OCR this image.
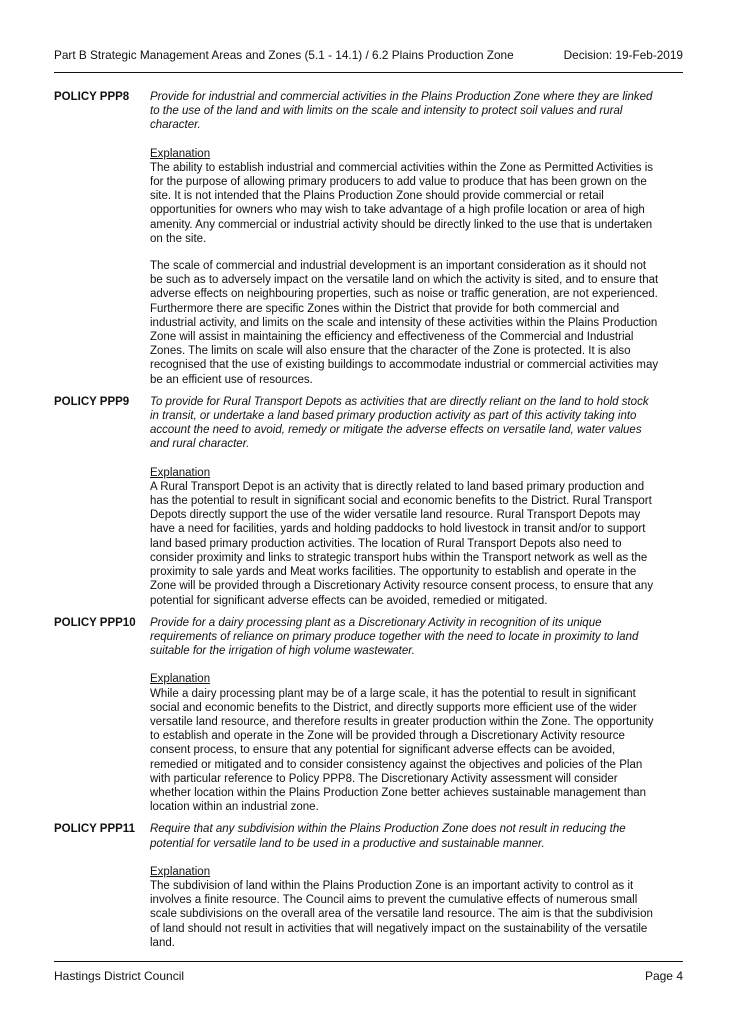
Part B Strategic Management Areas and Zones (5.1 - 14.1) / 6.2 Plains Production Zone	Decision: 19-Feb-2019
POLICY PPP8	Provide for industrial and commercial activities in the Plains Production Zone where they are linked to the use of the land and with limits on the scale and intensity to protect soil values and rural character.

Explanation

The ability to establish industrial and commercial activities within the Zone as Permitted Activities is for the purpose of allowing primary producers to add value to produce that has been grown on the site. It is not intended that the Plains Production Zone should provide commercial or retail opportunities for owners who may wish to take advantage of a high profile location or area of high amenity. Any commercial or industrial activity should be directly linked to the use that is undertaken on the site.

The scale of commercial and industrial development is an important consideration as it should not be such as to adversely impact on the versatile land on which the activity is sited, and to ensure that adverse effects on neighbouring properties, such as noise or traffic generation, are not experienced. Furthermore there are specific Zones within the District that provide for both commercial and industrial activity, and limits on the scale and intensity of these activities within the Plains Production Zone will assist in maintaining the efficiency and effectiveness of the Commercial and Industrial Zones. The limits on scale will also ensure that the character of the Zone is protected. It is also recognised that the use of existing buildings to accommodate industrial or commercial activities may be an efficient use of resources.

POLICY PPP9	To provide for Rural Transport Depots as activities that are directly reliant on the land to hold stock in transit, or undertake a land based primary production activity as part of this activity taking into account the need to avoid, remedy or mitigate the adverse effects on versatile land, water values and rural character.

Explanation

A Rural Transport Depot is an activity that is directly related to land based primary production and has the potential to result in significant social and economic benefits to the District. Rural Transport Depots directly support the use of the wider versatile land resource. Rural Transport Depots may have a need for facilities, yards and holding paddocks to hold livestock in transit and/or to support land based primary production activities. The location of Rural Transport Depots also need to consider proximity and links to strategic transport hubs within the Transport network as well as the proximity to sale yards and Meat works facilities. The opportunity to establish and operate in the Zone will be provided through a Discretionary Activity resource consent process, to ensure that any potential for significant adverse effects can be avoided, remedied or mitigated.

POLICY PPP10	Provide for a dairy processing plant as a Discretionary Activity in recognition of its unique requirements of reliance on primary produce together with the need to locate in proximity to land suitable for the irrigation of high volume wastewater.

Explanation

While a dairy processing plant may be of a large scale, it has the potential to result in significant social and economic benefits to the District, and directly supports more efficient use of the wider versatile land resource, and therefore results in greater production within the Zone. The opportunity to establish and operate in the Zone will be provided through a Discretionary Activity resource consent process, to ensure that any potential for significant adverse effects can be avoided, remedied or mitigated and to consider consistency against the objectives and policies of the Plan with particular reference to Policy PPP8. The Discretionary Activity assessment will consider whether location within the Plains Production Zone better achieves sustainable management than location within an industrial zone.

POLICY PPP11	Require that any subdivision within the Plains Production Zone does not result in reducing the potential for versatile land to be used in a productive and sustainable manner.

Explanation

The subdivision of land within the Plains Production Zone is an important activity to control as it involves a finite resource. The Council aims to prevent the cumulative effects of numerous small scale subdivisions on the overall area of the versatile land resource. The aim is that the subdivision of land should not result in activities that will negatively impact on the sustainability of the versatile land.

Hastings District Council	Page 4
